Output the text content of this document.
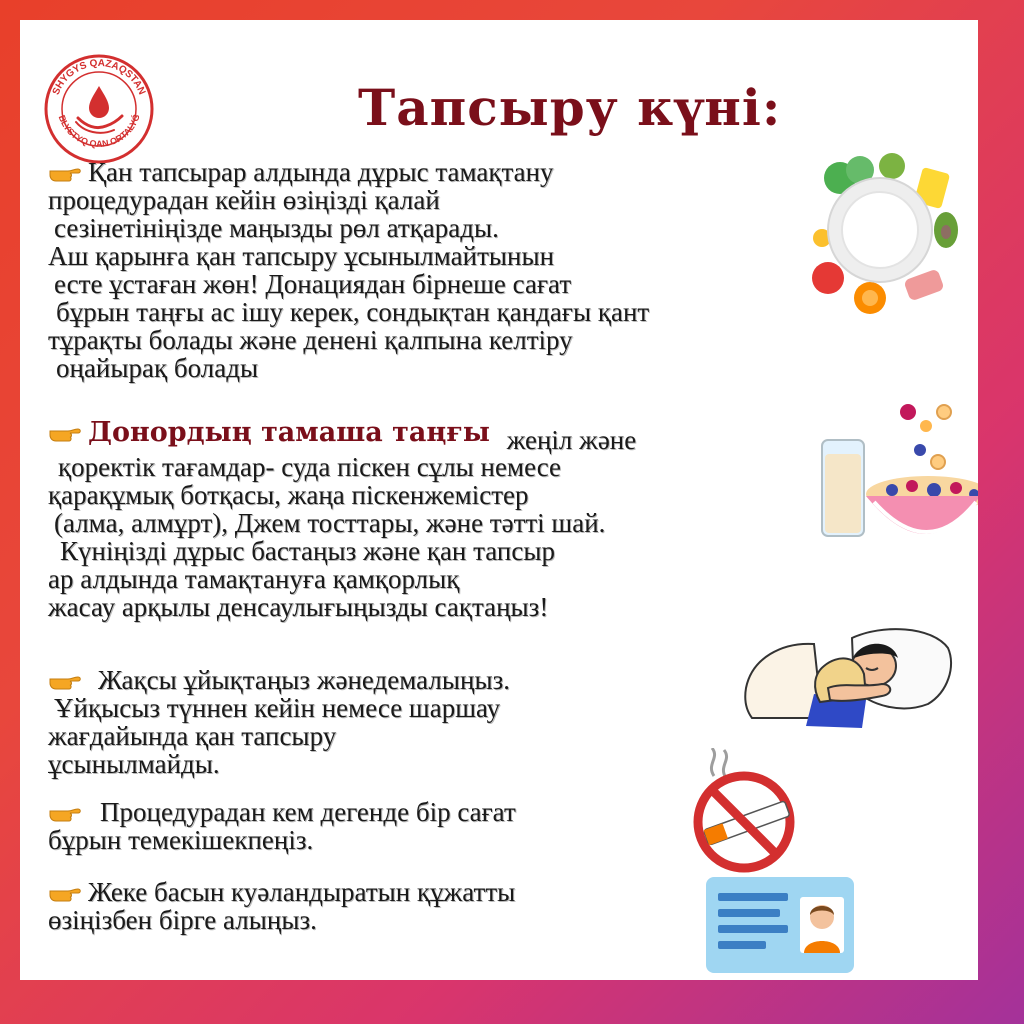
SHYGYS QAZAQSTAN
BLYSTYQ QAN ORTALYǴ	Тапсыру күні:
Қан тапсырар алдында дұрыс тамақтану
процедурадан кейін өзіңізді қалай
сезінетініңізде маңызды рөл атқарады.
Аш қарынға қан тапсыру ұсынылмайтынын
есте ұстаған жөн! Донациядан бірнеше сағат
бұрын таңғы ас ішу керек, сондықтан қандағы қант
тұрақты болады және денені қалпына келтіру
оңайырақ болады
Донордың тамаша таңғы жеңіл және
қоректік тағамдар- суда піскен сұлы немесе
қарақұмық ботқасы, жаңа піскенжемістер
(алма, алмұрт), Джем тосттары, және тәтті шай.
Күніңізді дұрыс бастаңыз және қан тапсыр
ар алдында тамақтануға қамқорлық
жасау арқылы денсаулығыңызды сақтаңыз!
Жақсы ұйықтаңыз жәнедемалыңыз.
Ұйқысыз түннен кейін немесе шаршау
жағдайында қан тапсыру
ұсынылмайды.
Процедурадан кем дегенде бір сағат
бұрын темекішекпеңіз.
Жеке басын куәландыратын құжатты
өзіңізбен бірге алыңыз.
